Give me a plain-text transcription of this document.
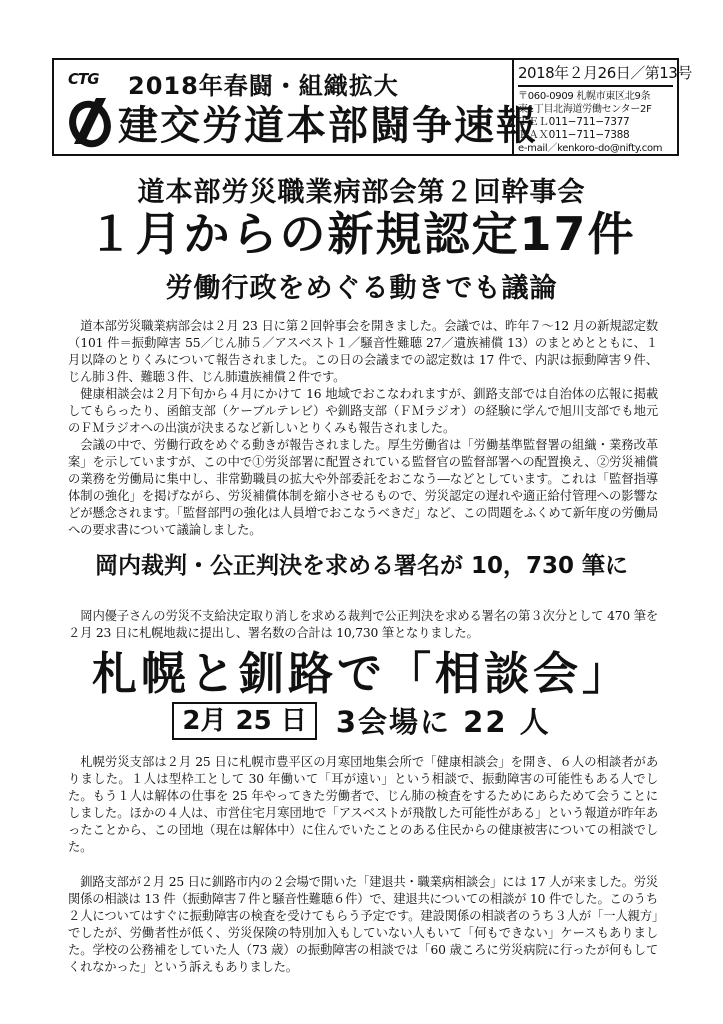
CTG 2018年春闘・組織拡大
建交労道本部闘争速報
2018年２月26日／第13号
〒060-0909 札幌市東区北9条
東1丁目北海道労働センター2F
ＴＥＬ011−711−7377
ＦＡＸ011−711−7388
e-mail／kenkoro-do@nifty.com
道本部労災職業病部会第２回幹事会
１月からの新規認定17件
労働行政をめぐる動きでも議論

道本部労災職業病部会は２月 23 日に第２回幹事会を開きました。会議では、昨年７〜12 月の新規認定数（101 件＝振動障害 55／じん肺５／アスベスト１／騒音性難聴 27／遺族補償 13）のまとめとともに、１月以降のとりくみについて報告されました。この日の会議までの認定数は 17 件で、内訳は振動障害９件、じん肺３件、難聴３件、じん肺遺族補償２件です。

健康相談会は２月下旬から４月にかけて 16 地域でおこなわれますが、釧路支部では自治体の広報に掲載してもらったり、函館支部（ケーブルテレビ）や釧路支部（ＦＭラジオ）の経験に学んで旭川支部でも地元のＦＭラジオへの出演が決まるなど新しいとりくみも報告されました。

会議の中で、労働行政をめぐる動きが報告されました。厚生労働省は「労働基準監督署の組織・業務改革案」を示していますが、この中で①労災部署に配置されている監督官の監督部署への配置換え、②労災補償の業務を労働局に集中し、非常勤職員の拡大や外部委託をおこなう―などとしています。これは「監督指導体制の強化」を掲げながら、労災補償体制を縮小させるもので、労災認定の遅れや適正給付管理への影響などが懸念されます。「監督部門の強化は人員増でおこなうべきだ」など、この問題をふくめて新年度の労働局への要求書について議論しました。

岡内裁判・公正判決を求める署名が 10，730 筆に

岡内優子さんの労災不支給決定取り消しを求める裁判で公正判決を求める署名の第３次分として 470 筆を２月 23 日に札幌地裁に提出し、署名数の合計は 10,730 筆となりました。

札幌と釧路で「相談会」
2月 25 日 3会場に 22 人

札幌労災支部は２月 25 日に札幌市豊平区の月寒団地集会所で「健康相談会」を開き、６人の相談者がありました。１人は型枠工として 30 年働いて「耳が遠い」という相談で、振動障害の可能性もある人でした。もう１人は解体の仕事を 25 年やってきた労働者で、じん肺の検査をするためにあらためて会うことにしました。ほかの４人は、市営住宅月寒団地で「アスベストが飛散した可能性がある」という報道が昨年あったことから、この団地（現在は解体中）に住んでいたことのある住民からの健康被害についての相談でした。

釧路支部が２月 25 日に釧路市内の２会場で開いた「建退共・職業病相談会」には 17 人が来ました。労災関係の相談は 13 件（振動障害７件と騒音性難聴６件）で、建退共についての相談が 10 件でした。このうち２人についてはすぐに振動障害の検査を受けてもらう予定です。建設関係の相談者のうち３人が「一人親方」でしたが、労働者性が低く、労災保険の特別加入もしていない人もいて「何もできない」ケースもありました。学校の公務補をしていた人（73 歳）の振動障害の相談では「60 歳ころに労災病院に行ったが何もしてくれなかった」という訴えもありました。
